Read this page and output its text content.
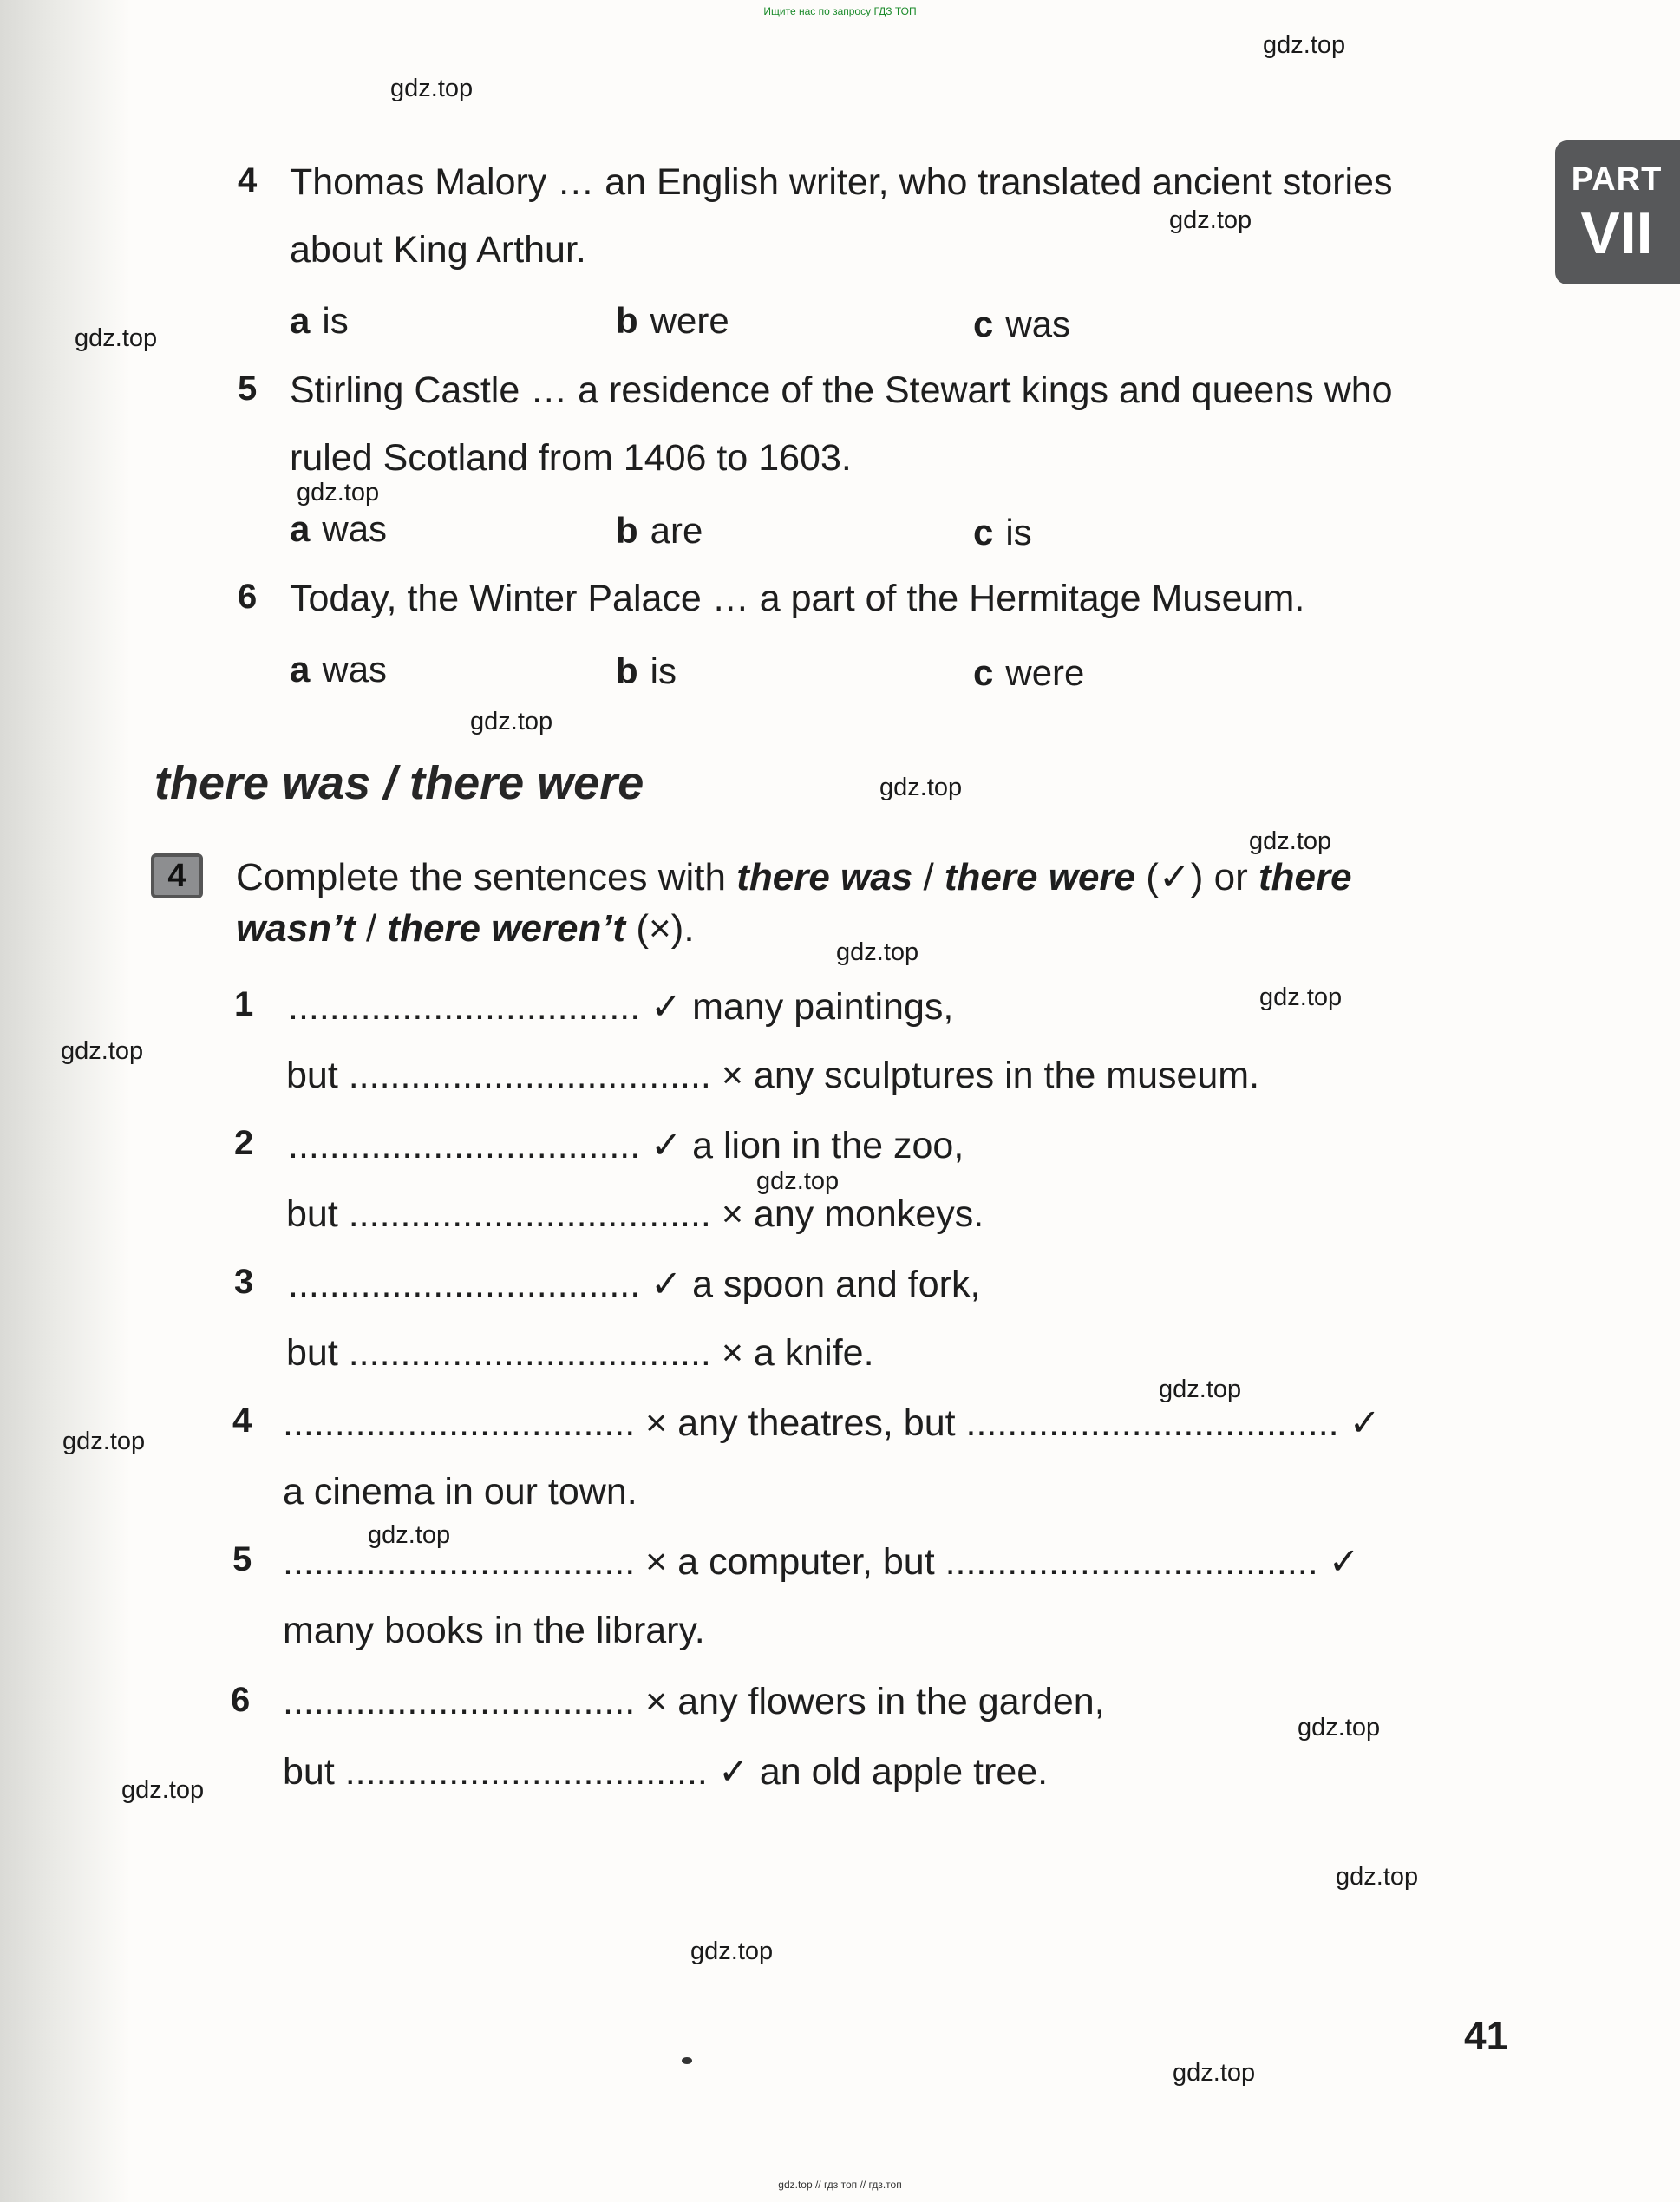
Ищите нас по запросу ГДЗ ТОП
gdz.top
gdz.top
gdz.top
gdz.top
gdz.top
gdz.top
gdz.top
gdz.top
gdz.top
gdz.top
gdz.top
gdz.top
gdz.top
gdz.top
gdz.top
gdz.top
gdz.top
gdz.top
gdz.top
gdz.top
PART
VII
4 Thomas Malory … an English writer, who translated ancient stories
about King Arthur.
a is	b were	c was
5 Stirling Castle … a residence of the Stewart kings and queens who
ruled Scotland from 1406 to 1603.
a was	b are	c is
6 Today, the Winter Palace … a part of the Hermitage Museum.
a was	b is	c were
there was / there were
4	Complete the sentences with there was / there were (✓) or there
wasn’t / there weren’t (×).
1 .................................. ✓ many paintings,
but ................................... × any sculptures in the museum.
2 .................................. ✓ a lion in the zoo,
but ................................... × any monkeys.
3 .................................. ✓ a spoon and fork,
but ................................... × a knife.
4 .................................. × any theatres, but .................................... ✓
a cinema in our town.
5 .................................. × a computer, but .................................... ✓
many books in the library.
6 .................................. × any flowers in the garden,
but ................................... ✓ an old apple tree.
41
gdz.top // гдз топ // гдз.топ
